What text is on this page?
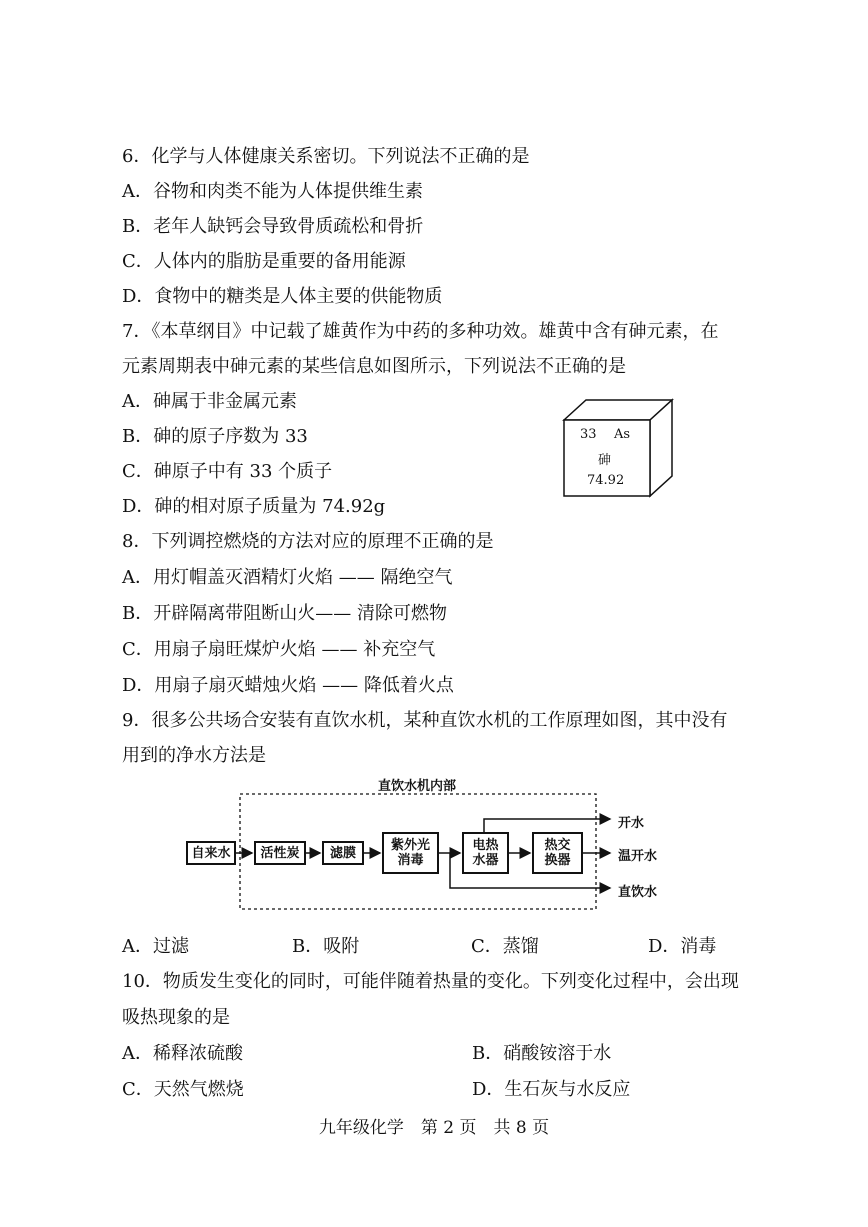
6．化学与人体健康关系密切。下列说法不正确的是
A．谷物和肉类不能为人体提供维生素
B．老年人缺钙会导致骨质疏松和骨折
C．人体内的脂肪是重要的备用能源
D．食物中的糖类是人体主要的供能物质
7．《本草纲目》中记载了雄黄作为中药的多种功效。雄黄中含有砷元素，在
元素周期表中砷元素的某些信息如图所示，下列说法不正确的是
A．砷属于非金属元素
B．砷的原子序数为 33
C．砷原子中有 33 个质子
D．砷的相对原子质量为 74.92g
33 As
砷
74.92
8．下列调控燃烧的方法对应的原理不正确的是
A．用灯帽盖灭酒精灯火焰 —— 隔绝空气
B．开辟隔离带阻断山火—— 清除可燃物
C．用扇子扇旺煤炉火焰 —— 补充空气
D．用扇子扇灭蜡烛火焰 —— 降低着火点
9．很多公共场合安装有直饮水机，某种直饮水机的工作原理如图，其中没有
用到的净水方法是
直饮水机内部
自来水	活性炭	滤膜	紫外光消毒
电热水器
热交换器
开水
温开水
直饮水
A．过滤	B．吸附	C．蒸馏	D．消毒
10．物质发生变化的同时，可能伴随着热量的变化。下列变化过程中，会出现
吸热现象的是
A．稀释浓硫酸	B．硝酸铵溶于水
C．天然气燃烧	D．生石灰与水反应
九年级化学　第 2 页　共 8 页
